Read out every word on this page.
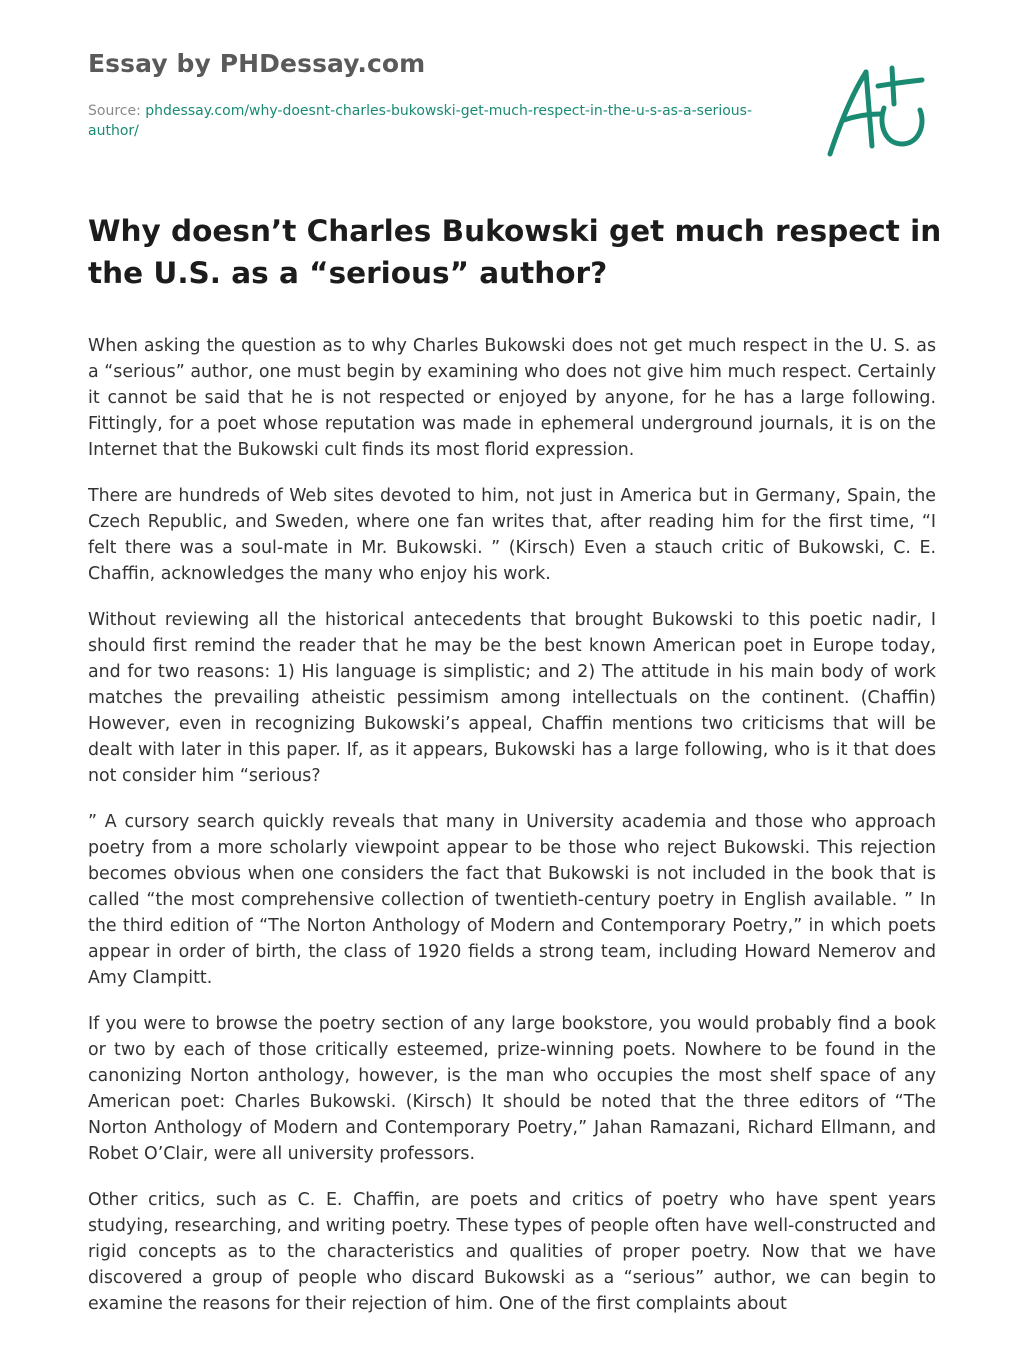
Essay by PHDessay.com
Source: phdessay.com/why-doesnt-charles-bukowski-get-much-respect-in-the-u-s-as-a-serious-author/
Why doesn’t Charles Bukowski get much respect in the U.S. as a “serious” author?

When asking the question as to why Charles Bukowski does not get much respect in the U. S. as a “serious” author, one must begin by examining who does not give him much respect. Certainly it cannot be said that he is not respected or enjoyed by anyone, for he has a large following. Fittingly, for a poet whose reputation was made in ephemeral underground journals, it is on the Internet that the Bukowski cult finds its most florid expression.

There are hundreds of Web sites devoted to him, not just in America but in Germany, Spain, the Czech Republic, and Sweden, where one fan writes that, after reading him for the first time, “I felt there was a soul-mate in Mr. Bukowski. ” (Kirsch) Even a stauch critic of Bukowski, C. E. Chaffin, acknowledges the many who enjoy his work.

Without reviewing all the historical antecedents that brought Bukowski to this poetic nadir, I should first remind the reader that he may be the best known American poet in Europe today, and for two reasons: 1) His language is simplistic; and 2) The attitude in his main body of work matches the prevailing atheistic pessimism among intellectuals on the continent. (Chaffin) However, even in recognizing Bukowski’s appeal, Chaffin mentions two criticisms that will be dealt with later in this paper. If, as it appears, Bukowski has a large following, who is it that does not consider him “serious?

” A cursory search quickly reveals that many in University academia and those who approach poetry from a more scholarly viewpoint appear to be those who reject Bukowski. This rejection becomes obvious when one considers the fact that Bukowski is not included in the book that is called “the most comprehensive collection of twentieth-century poetry in English available. ” In the third edition of “The Norton Anthology of Modern and Contemporary Poetry,” in which poets appear in order of birth, the class of 1920 fields a strong team, including Howard Nemerov and Amy Clampitt.

If you were to browse the poetry section of any large bookstore, you would probably find a book or two by each of those critically esteemed, prize-winning poets. Nowhere to be found in the canonizing Norton anthology, however, is the man who occupies the most shelf space of any American poet: Charles Bukowski. (Kirsch) It should be noted that the three editors of “The Norton Anthology of Modern and Contemporary Poetry,” Jahan Ramazani, Richard Ellmann, and Robet O’Clair, were all university professors.

Other critics, such as C. E. Chaffin, are poets and critics of poetry who have spent years studying, researching, and writing poetry. These types of people often have well-constructed and rigid concepts as to the characteristics and qualities of proper poetry. Now that we have discovered a group of people who discard Bukowski as a “serious” author, we can begin to examine the reasons for their rejection of him. One of the first complaints about
